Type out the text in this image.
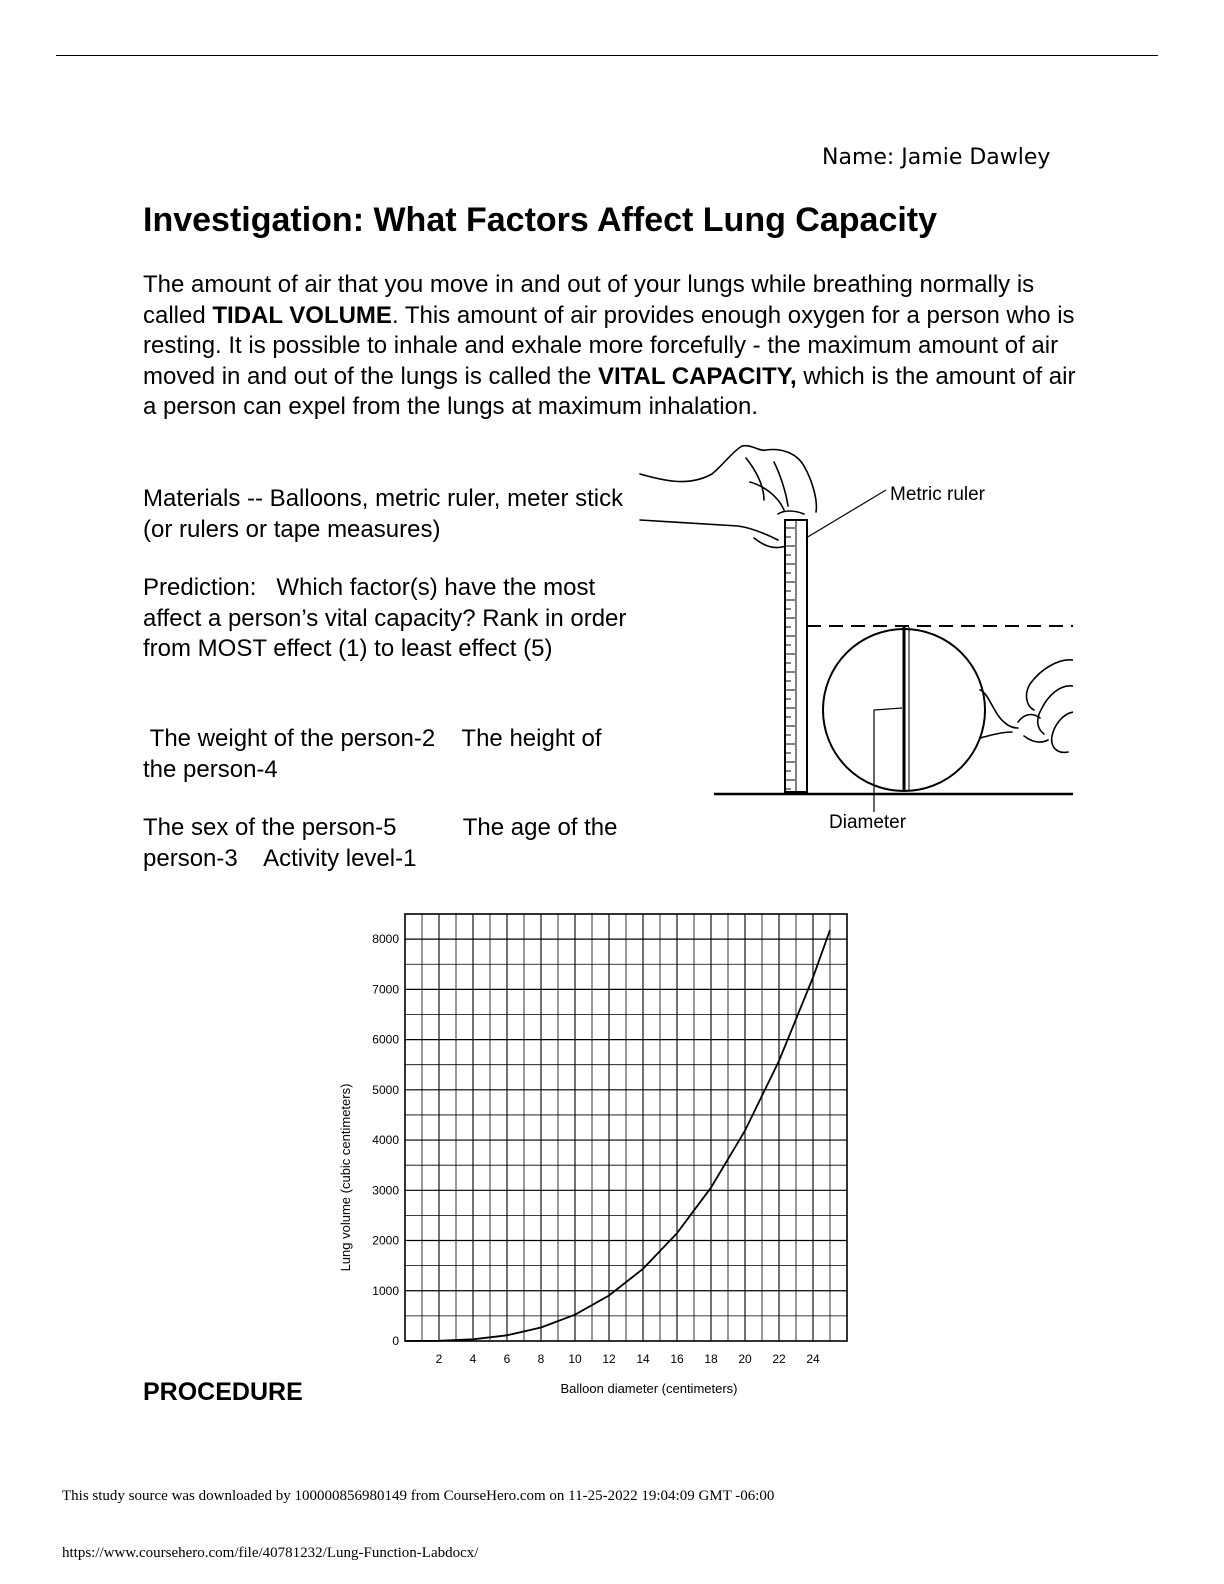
Name: Jamie Dawley
Investigation: What Factors Affect Lung Capacity

The amount of air that you move in and out of your lungs while breathing normally is called TIDAL VOLUME. This amount of air provides enough oxygen for a person who is resting. It is possible to inhale and exhale more forcefully - the maximum amount of air moved in and out of the lungs is called the VITAL CAPACITY, which is the amount of air a person can expel from the lungs at maximum inhalation.

Materials -- Balloons, metric ruler, meter stick (or rulers or tape measures)

Prediction:   Which factor(s) have the most affect a person’s vital capacity? Rank in order from MOST effect (1) to least effect (5)

The weight of the person-2    The height of the person-4

The sex of the person-5          The age of the person-3    Activity level-1

Metric ruler
Diameter
0
1000
2000
3000
4000
5000
6000
7000
8000
2 4 6 8 10 12 14 16 18 20 22 24
Balloon diameter (centimeters)
Lung volume (cubic centimeters)
PROCEDURE
This study source was downloaded by 100000856980149 from CourseHero.com on 11-25-2022 19:04:09 GMT -06:00
https://www.coursehero.com/file/40781232/Lung-Function-Labdocx/
